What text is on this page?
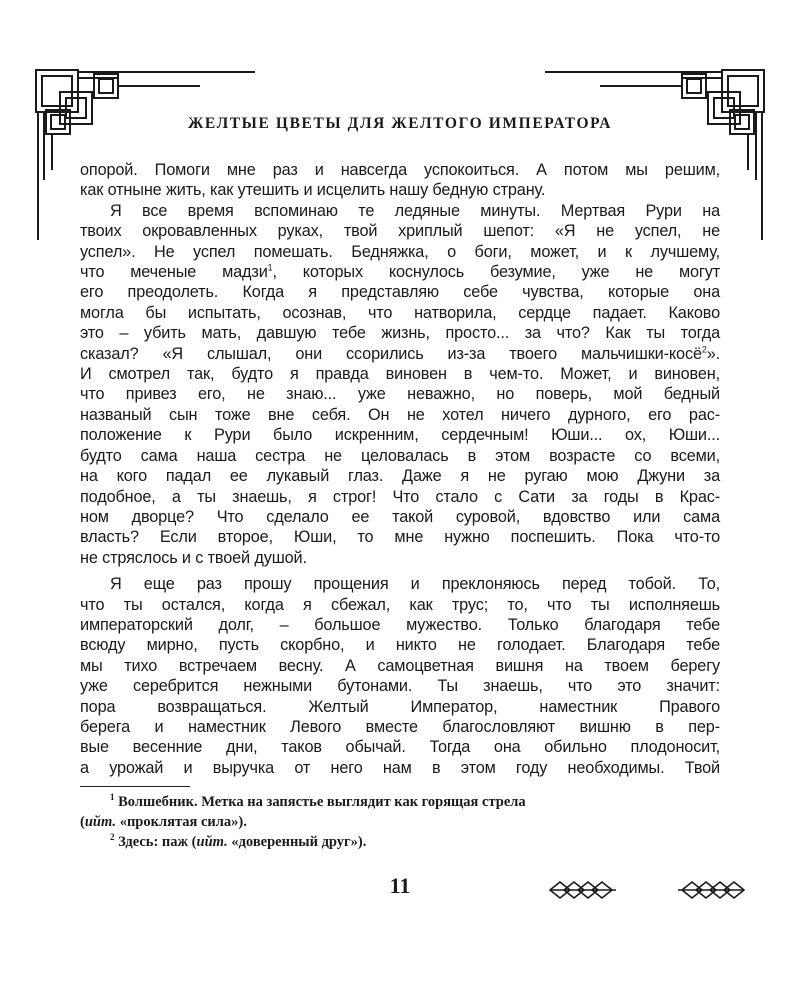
ЖЕЛТЫЕ ЦВЕТЫ ДЛЯ ЖЕЛТОГО ИМПЕРАТОРА

опорой. Помоги мне раз и навсегда успокоиться. А потом мы решим,
как отныне жить, как утешить и исцелить нашу бедную страну.

Я все время вспоминаю те ледяные минуты. Мертвая Рури на
твоих окровавленных руках, твой хриплый шепот: «Я не успел, не
успел». Не успел помешать. Бедняжка, о боги, может, и к лучшему,
что меченые мадзи$^1$, которых коснулось безумие, уже не могут
его преодолеть. Когда я представляю себе чувства, которые она
могла бы испытать, осознав, что натворила, сердце падает. Каково
это – убить мать, давшую тебе жизнь, просто... за что? Как ты тогда
сказал? «Я слышал, они ссорились из-за твоего мальчишки-косё$^2$».
И смотрел так, будто я правда виновен в чем-то. Может, и виновен,
что привез его, не знаю... уже неважно, но поверь, мой бедный
названый сын тоже вне себя. Он не хотел ничего дурного, его рас-
положение к Рури было искренним, сердечным! Юши... ох, Юши...
будто сама наша сестра не целовалась в этом возрасте со всеми,
на кого падал ее лукавый глаз. Даже я не ругаю мою Джуни за
подобное, а ты знаешь, я строг! Что стало с Сати за годы в Крас-
ном дворце? Что сделало ее такой суровой, вдовство или сама
власть? Если второе, Юши, то мне нужно поспешить. Пока что-то
не стряслось и с твоей душой.

Я еще раз прошу прощения и преклоняюсь перед тобой. То,
что ты остался, когда я сбежал, как трус; то, что ты исполняешь
императорский долг, – большое мужество. Только благодаря тебе
всюду мирно, пусть скорбно, и никто не голодает. Благодаря тебе
мы тихо встречаем весну. А самоцветная вишня на твоем берегу
уже серебрится нежными бутонами. Ты знаешь, что это значит:
пора возвращаться. Желтый Император, наместник Правого
берега и наместник Левого вместе благословляют вишню в пер-
вые весенние дни, таков обычай. Тогда она обильно плодоносит,
а урожай и выручка от него нам в этом году необходимы. Твой

$^1$ Волшебник. Метка на запястье выглядит как горящая стрела
(ийт. «проклятая сила»).

$^2$ Здесь: паж (ийт. «доверенный друг»).

11
